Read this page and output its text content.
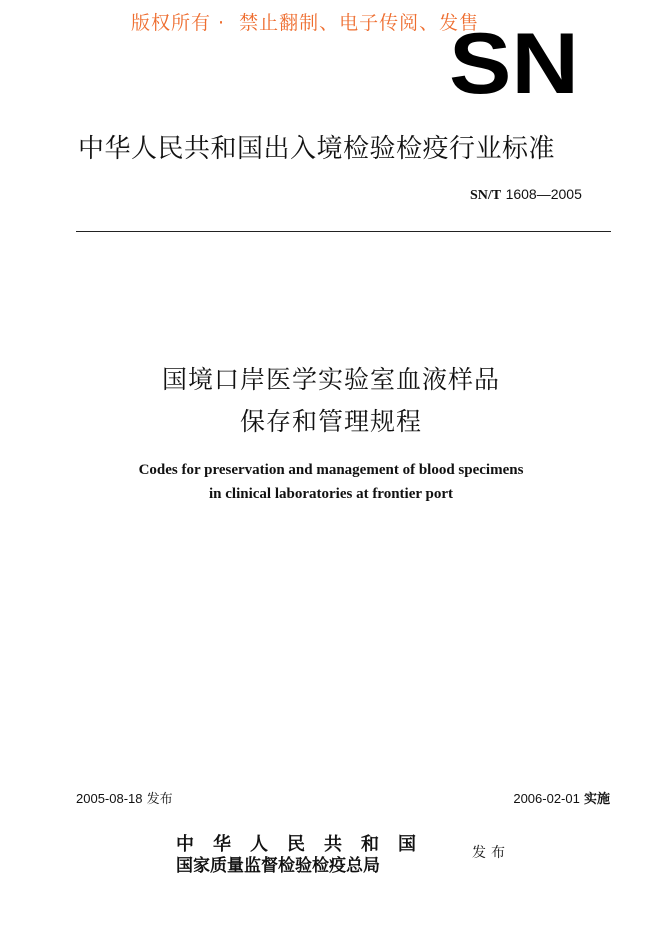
版权所有 · 禁止翻制、电子传阅、发售
SN
中华人民共和国出入境检验检疫行业标准
SN/T 1608—2005
国境口岸医学实验室血液样品
保存和管理规程
Codes for preservation and management of blood specimens
in clinical laboratories at frontier port
2005-08-18 发布	2006-02-01 实施
中华人民共和国
国家质量监督检验检疫总局
发布
